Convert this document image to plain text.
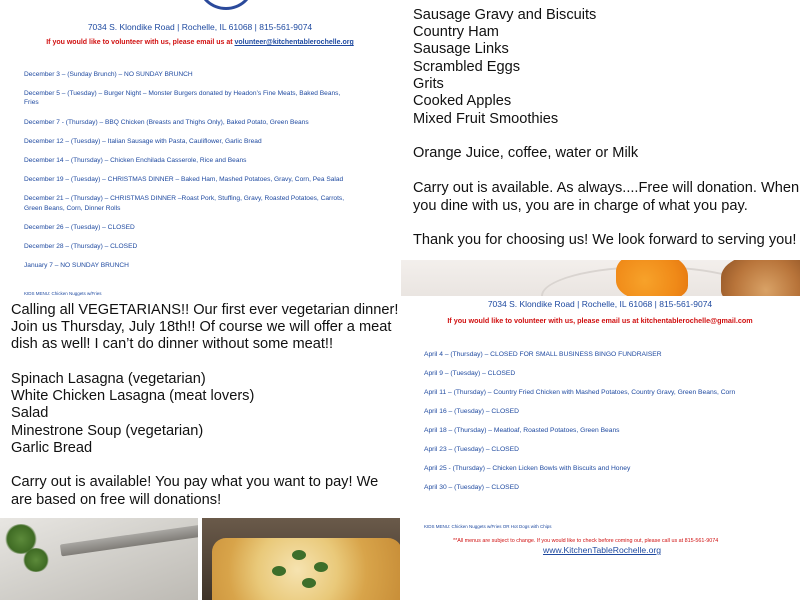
7034 S. Klondike Road | Rochelle, IL 61068 | 815-561-9074
If you would like to volunteer with us, please email us at volunteer@kitchentablerochelle.org
December 3 – (Sunday Brunch) – NO SUNDAY BRUNCH
December 5 – (Tuesday) – Burger Night – Monster Burgers donated by Headon’s Fine Meats, Baked Beans,
Fries
December 7 - (Thursday) – BBQ Chicken (Breasts and Thighs Only), Baked Potato, Green Beans
December 12 – (Tuesday) – Italian Sausage with Pasta, Cauliflower, Garlic Bread
December 14 – (Thursday) – Chicken Enchilada Casserole, Rice and Beans
December 19 – (Tuesday) – CHRISTMAS DINNER – Baked Ham, Mashed Potatoes, Gravy, Corn, Pea Salad
December 21 – (Thursday) – CHRISTMAS DINNER –Roast Pork, Stuffing, Gravy, Roasted Potatoes, Carrots,
Green Beans, Corn, Dinner Rolls
December 26 – (Tuesday) – CLOSED
December 28 – (Thursday) – CLOSED
January 7 – NO SUNDAY BRUNCH
KIDS MENU: Chicken Nuggets w/Fries
Sausage Gravy and Biscuits
Country Ham
Sausage Links
Scrambled Eggs
Grits
Cooked Apples
Mixed Fruit Smoothies
Orange Juice, coffee, water or Milk
Carry out is available. As always....Free will donation. When
you dine with us, you are in charge of what you pay.
Thank you for choosing us! We look forward to serving you!
Calling all VEGETARIANS!! Our first ever vegetarian dinner!
Join us Thursday, July 18th!! Of course we will offer a meat
dish as well! I can’t do dinner without some meat!!
Spinach Lasagna (vegetarian)
White Chicken Lasagna (meat lovers)
Salad
Minestrone Soup (vegetarian)
Garlic Bread
Carry out is available! You pay what you want to pay! We
are based on free will donations!
7034 S. Klondike Road | Rochelle, IL 61068 | 815-561-9074
If you would like to volunteer with us, please email us at kitchentablerochelle@gmail.com
April 4 – (Thursday) – CLOSED FOR SMALL BUSINESS BINGO FUNDRAISER
April 9 – (Tuesday) – CLOSED
April 11 – (Thursday) – Country Fried Chicken with Mashed Potatoes, Country Gravy, Green Beans, Corn
April 16 – (Tuesday) – CLOSED
April 18 – (Thursday) – Meatloaf, Roasted Potatoes, Green Beans
April 23 – (Tuesday) – CLOSED
April 25 - (Thursday) – Chicken Licken Bowls with Biscuits and Honey
April 30 – (Tuesday) – CLOSED
KIDS MENU: Chicken Nuggets w/Fries OR Hot Dogs with Chips
**All menus are subject to change. If you would like to check before coming out, please call us at 815-561-9074
www.KitchenTableRochelle.org
